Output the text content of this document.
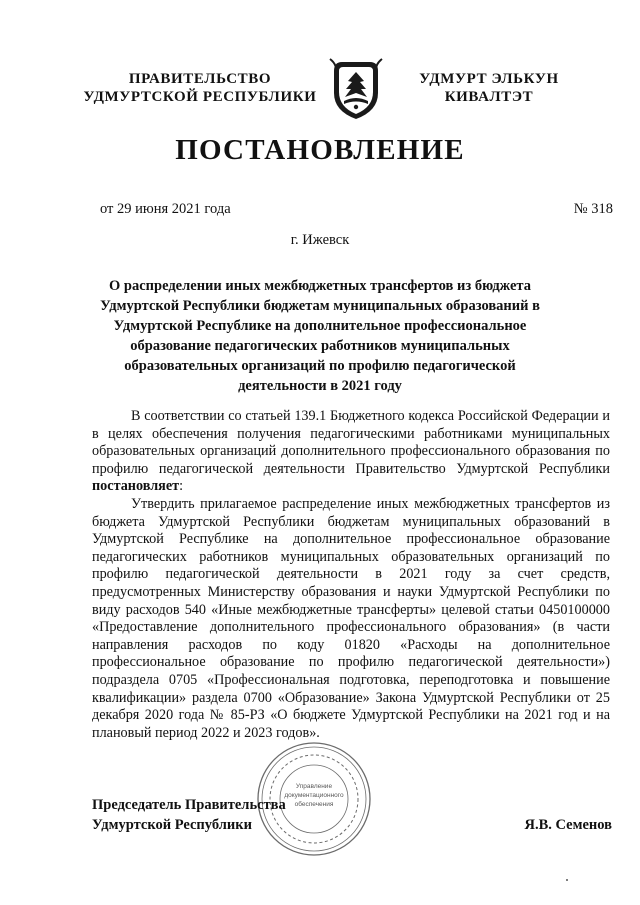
ПРАВИТЕЛЬСТВО
УДМУРТСКОЙ РЕСПУБЛИКИ
УДМУРТ ЭЛЬКУН
КИВАЛТЭТ
ПОСТАНОВЛЕНИЕ
от 29 июня 2021 года	№ 318
г. Ижевск
О распределении иных межбюджетных трансфертов из бюджета
Удмуртской Республики бюджетам муниципальных образований в
Удмуртской Республике на дополнительное профессиональное
образование педагогических работников муниципальных
образовательных организаций по профилю педагогической
деятельности в 2021 году

В соответствии со статьей 139.1 Бюджетного кодекса Российской Федерации и в целях обеспечения получения педагогическими работниками муниципальных образовательных организаций дополнительного профессионального образования по профилю педагогической деятельности Правительство Удмуртской Республики постановляет:

Утвердить прилагаемое распределение иных межбюджетных трансфертов из бюджета Удмуртской Республики бюджетам муниципальных образований в Удмуртской Республике на дополнительное профессиональное образование педагогических работников муниципальных образовательных организаций по профилю педагогической деятельности в 2021 году за счет средств, предусмотренных Министерству образования и науки Удмуртской Республики по виду расходов 540 «Иные межбюджетные трансферты» целевой статьи 0450100000 «Предоставление дополнительного профессионального образования» (в части направления расходов по коду 01820 «Расходы на дополнительное профессиональное образование по профилю педагогической деятельности») подраздела 0705 «Профессиональная подготовка, переподготовка и повышение квалификации» раздела 0700 «Образование» Закона Удмуртской Республики от 25 декабря 2020 года № 85-РЗ «О бюджете Удмуртской Республики на 2021 год и на плановый период 2022 и 2023 годов».

Управление
документационного
обеспечения
Председатель Правительства
Удмуртской Республики	Я.В. Семенов
